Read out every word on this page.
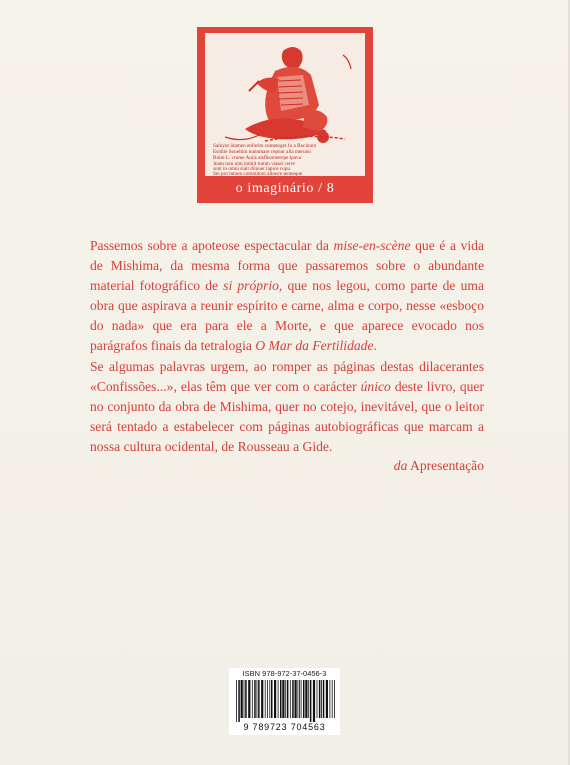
Saluyor idamen enfurim cumetoger fu a Bocinum
Esidiie Soneltim nunnmare cepnor alla merunu
Buim L. crume Auiis aisflisomerepe ipavu
Jnam tum uim inmiit tumm viasei cerre
sunt in omni sialt diinuer lapice cupu
Sei pro lumen commitoni alionce tenneque
o imaginário / 8

Passemos sobre a apoteose espectacular da mise-en-scène que é a vida de Mishima, da mesma forma que passaremos sobre o abundante material fotográfico de si próprio, que nos legou, como parte de uma obra que aspirava a reunir espírito e carne, alma e corpo, nesse «esboço do nada» que era para ele a Morte, e que aparece evocado nos parágrafos finais da tetralogia O Mar da Fertilidade.

Se algumas palavras urgem, ao romper as páginas destas dilacerantes «Confissões...», elas têm que ver com o carácter único deste livro, quer no conjunto da obra de Mishima, quer no cotejo, inevitável, que o leitor será tentado a estabelecer com páginas autobiográficas que marcam a nossa cultura ocidental, de Rousseau a Gide.

da Apresentação
ISBN 978-972-37-0456-3
9 789723 704563
